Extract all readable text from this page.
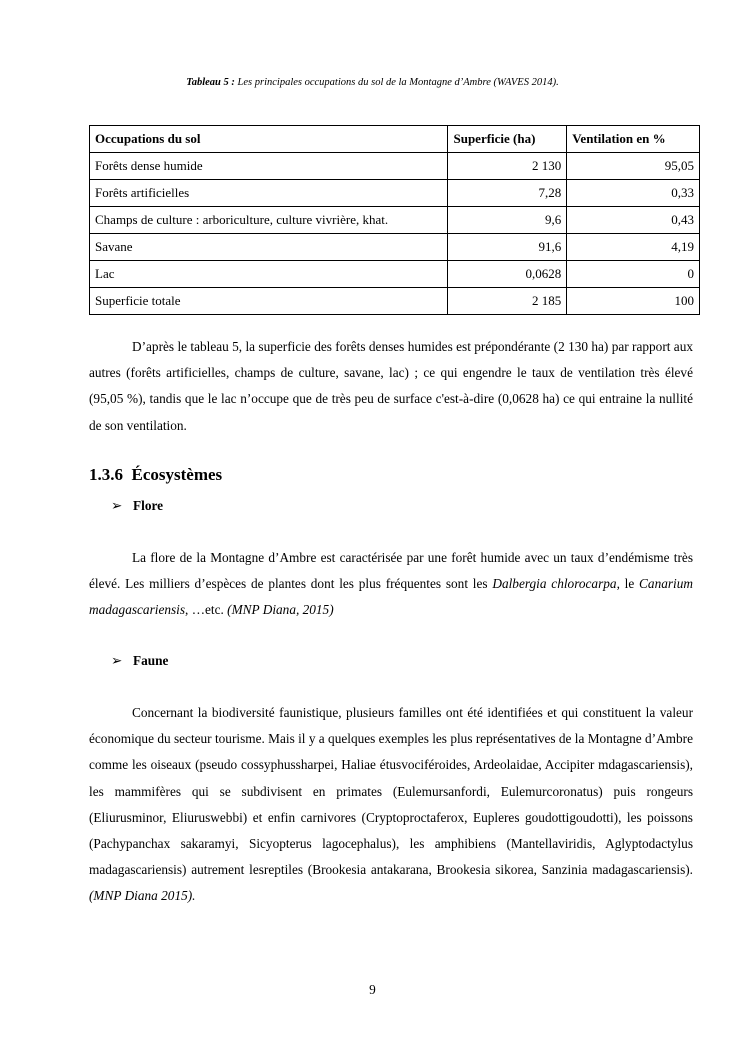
Tableau 5 : Les principales occupations du sol de la Montagne d’Ambre (WAVES 2014).
Occupations du sol	Superficie (ha)	Ventilation en %
Forêts dense humide	2 130	95,05
Forêts artificielles	7,28	0,33
Champs de culture : arboriculture, culture vivrière, khat.	9,6	0,43
Savane	91,6	4,19
Lac	0,0628	0
Superficie totale	2 185	100
D’après le tableau 5, la superficie des forêts denses humides est prépondérante (2 130 ha) par rapport aux autres (forêts artificielles, champs de culture, savane, lac) ; ce qui engendre le taux de ventilation très élevé (95,05 %), tandis que le lac n’occupe que de très peu de surface c'est-à-dire (0,0628 ha) ce qui entraine la nullité de son ventilation.
1.3.6 Écosystèmes
➢ Flore
La flore de la Montagne d’Ambre est caractérisée par une forêt humide avec un taux d’endémisme très élevé. Les milliers d’espèces de plantes dont les plus fréquentes sont les Dalbergia chlorocarpa, le Canarium madagascariensis, …etc. (MNP Diana, 2015)
➢ Faune
Concernant la biodiversité faunistique, plusieurs familles ont été identifiées et qui constituent la valeur économique du secteur tourisme. Mais il y a quelques exemples les plus représentatives de la Montagne d’Ambre comme les oiseaux (pseudo cossyphussharpei, Haliae étusvociféroides, Ardeolaidae, Accipiter mdagascariensis), les mammifères qui se subdivisent en primates (Eulemursanfordi, Eulemurcoronatus) puis rongeurs (Eliurusminor, Eliuruswebbi) et enfin carnivores (Cryptoproctaferox, Eupleres goudottigoudotti), les poissons (Pachypanchax sakaramyi, Sicyopterus lagocephalus), les amphibiens (Mantellaviridis, Aglyptodactylus madagascariensis) autrement lesreptiles (Brookesia antakarana, Brookesia sikorea, Sanzinia madagascariensis). (MNP Diana 2015).
9
